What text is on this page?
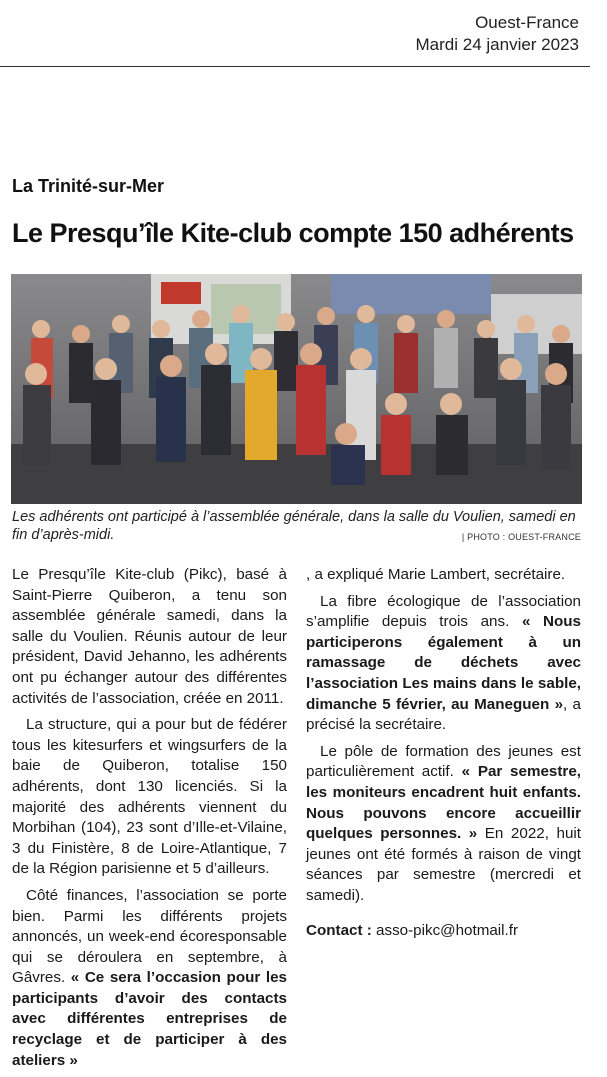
Ouest-France
Mardi 24 janvier 2023
La Trinité-sur-Mer
Le Presqu’île Kite-club compte 150 adhérents
Les adhérents ont participé à l’assemblée générale, dans la salle du Voulien, samedi en fin d’après-midi.	| PHOTO : OUEST-FRANCE

Le Presqu’île Kite-club (Pikc), basé à Saint-Pierre Quiberon, a tenu son assemblée générale samedi, dans la salle du Voulien. Réunis autour de leur président, David Jehanno, les adhérents ont pu échanger autour des différentes activités de l’association, créée en 2011.

La structure, qui a pour but de fédérer tous les kitesurfers et wingsurfers de la baie de Quiberon, totalise 150 adhérents, dont 130 licenciés. Si la majorité des adhérents viennent du Morbihan (104), 23 sont d’Ille-et-Vilaine, 3 du Finistère, 8 de Loire-Atlantique, 7 de la Région parisienne et 5 d’ailleurs.

Côté finances, l’association se porte bien. Parmi les différents projets annoncés, un week-end écoresponsable qui se déroulera en septembre, à Gâvres. « Ce sera l’occasion pour les participants d’avoir des contacts avec différentes entreprises de recyclage et de participer à des ateliers »

, a expliqué Marie Lambert, secrétaire.

La fibre écologique de l’association s’amplifie depuis trois ans. « Nous participerons également à un ramassage de déchets avec l’association Les mains dans le sable, dimanche 5 février, au Maneguen », a précisé la secrétaire.

Le pôle de formation des jeunes est particulièrement actif. « Par semestre, les moniteurs encadrent huit enfants. Nous pouvons encore accueillir quelques personnes. » En 2022, huit jeunes ont été formés à raison de vingt séances par semestre (mercredi et samedi).

Contact : asso-pikc@hotmail.fr
